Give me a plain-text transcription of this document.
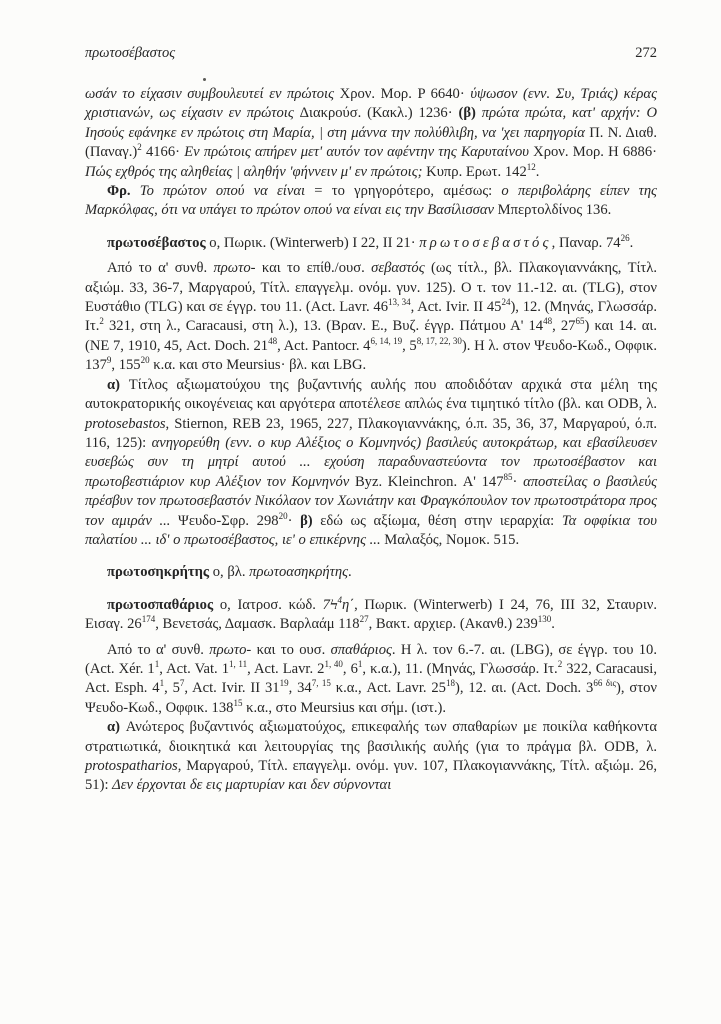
πρωτοσέβαστος	272

ωσάν το είχασιν συμβουλευτεί εν πρώτοις Χρον. Μορ. P 6640· ύψωσον (ενν. Συ, Τριάς) κέρας χριστιανών, ως είχασιν εν πρώτοις Διακρούσ. (Κακλ.) 1236· (β) πρώτα πρώτα, κατ' αρχήν: Ο Ιησούς εφάνηκε εν πρώτοις στη Μαρία, | στη μάννα την πολύθλιβη, να 'χει παρηγορία Π. Ν. Διαθ. $(\Pi\alpha\nu\alpha\gamma.)^2$ 4166· Εν πρώτοις απήρεν μετ' αυτόν τον αφέντην της Καρυταίνου Χρον. Μορ. Η 6886· Πώς εχθρός της αληθείας | αληθήν 'φήννειν μ' εν πρώτοις; Κυπρ. Ερωτ. $142^{12}$.

Φρ. Το πρώτον οπού να είναι = το γρηγορότερο, αμέσως: ο περιβολάρης είπεν της Μαρκόλφας, ότι να υπάγει το πρώτον οπού να είναι εις την Βασίλισσαν Μπερτολδίνος 136.

πρωτοσέβαστος ο, Πωρικ. (Winterwerb) I 22, II 21· πρωτοσεβαστός, Παναρ. $74^{26}$.

Από το α' συνθ. πρωτο- και το επίθ./ουσ. σεβαστός (ως τίτλ., βλ. Πλακογιαννάκης, Τίτλ. αξιώμ. 33, 36-7, Μαργαρού, Τίτλ. επαγγελμ. ονόμ. γυν. 125). Ο τ. τον 11.-12. αι. (TLG), στον Ευστάθιο (TLG) και σε έγγρ. του 11. (Act. Lavr. 46$^{13, 34}$, Act. Ivir. II $45^{24}$), 12. (Μηνάς, Γλωσσάρ. Ιτ.$^2$ 321, στη λ., Caracausi, στη λ.), 13. (Βραν. Ε., Βυζ. έγγρ. Πάτμου Α' $14^{48}$, $27^{65}$) και 14. αι. (ΝΕ 7, 1910, 45, Act. Doch. $21^{48}$, Act. Pantocr. 4$^{6, 14, 19}$, 5$^{8, 17, 22, 30}$). Η λ. στον Ψευδο-Κωδ., Οφφικ. $137^9$, $155^{20}$ κ.α. και στο Meursius· βλ. και LBG.

α) Τίτλος αξιωματούχου της βυζαντινής αυλής που αποδιδόταν αρχικά στα μέλη της αυτοκρατορικής οικογένειας και αργότερα αποτέλεσε απλώς ένα τιμητικό τίτλο (βλ. και ODB, λ. protosebastos, Stiernon, REB 23, 1965, 227, Πλακογιαννάκης, ό.π. 35, 36, 37, Μαργαρού, ό.π. 116, 125): ανηγορεύθη (ενν. ο κυρ Αλέξιος ο Κομνηνός) βασιλεύς αυτοκράτωρ, και εβασίλευσεν ευσεβώς συν τη μητρί αυτού ... εχούση παραδυναστεύοντα τον πρωτοσέβαστον και πρωτοβεστιάριον κυρ Αλέξιον τον Κομνηνόν Byz. Kleinchron. Α' $147^{85}\cdot \alpha\pi o\sigma\tau\varepsilon ί\lambda\alpha\varsigma$ ο βασιλεύς πρέσβυν τον πρωτοσεβαστόν Νικόλαον τον Χωνιάτην και Φραγκόπουλον τον πρωτοστράτορα προς τον αμιράν ... Ψευδο-Σφρ. $298^{20}\cdot \beta$) εδώ ως αξίωμα, θέση στην ιεραρχία: Τα οφφίκια του παλατίου ... ιδ' ο πρωτοσέβαστος, ιε' ο επικέρνης ... Μαλαξός, Νομοκ. 515.

πρωτοσηκρήτης ο, βλ. πρωτοασηκρήτης.

πρωτοσπαθάριος ο, Ιατροσ. κώδ. $7Ϟ^4\eta΄$, Πωρικ. (Winterwerb) I 24, 76, III 32, Σταυριν. Εισαγ. $26^{174}$, Βενετσάς, Δαμασκ. Βαρλαάμ $118^{27}$, Βακτ. αρχιερ. (Ακανθ.) $239^{130}$.

Από το α' συνθ. πρωτο- και το ουσ. σπαθάριος. Η λ. τον 6.-7. αι. (LBG), σε έγγρ. του 10. (Act. Xér. $1^1$, Act. Vat. 1$^{1, 11}$, Act. Lavr. 2$^{1, 40}$, $6^1$, κ.α.), 11. (Μηνάς, Γλωσσάρ. Ιτ.$^2$ 322, Caracausi, Act. Esph. $4^1$, $5^7$, Act. Ivir. II $31^{19}$, 34$^{7, 15}$ κ.α., Act. Lavr. $25^{18}$), 12. αι. (Act. Doch. $3^{66 \delta\iota\varsigma}$), στον Ψευδο-Κωδ., Οφφικ. $138^{15}$ κ.α., στο Meursius και σήμ. (ιστ.).

α) Ανώτερος βυζαντινός αξιωματούχος, επικεφαλής των σπαθαρίων με ποικίλα καθήκοντα στρατιωτικά, διοικητικά και λειτουργίας της βασιλικής αυλής (για το πράγμα βλ. ODB, λ. protospatharios, Μαργαρού, Τίτλ. επαγγελμ. ονόμ. γυν. 107, Πλακογιαννάκης, Τίτλ. αξιώμ. 26, 51): Δεν έρχονται δε εις μαρτυρίαν και δεν σύρνονται
